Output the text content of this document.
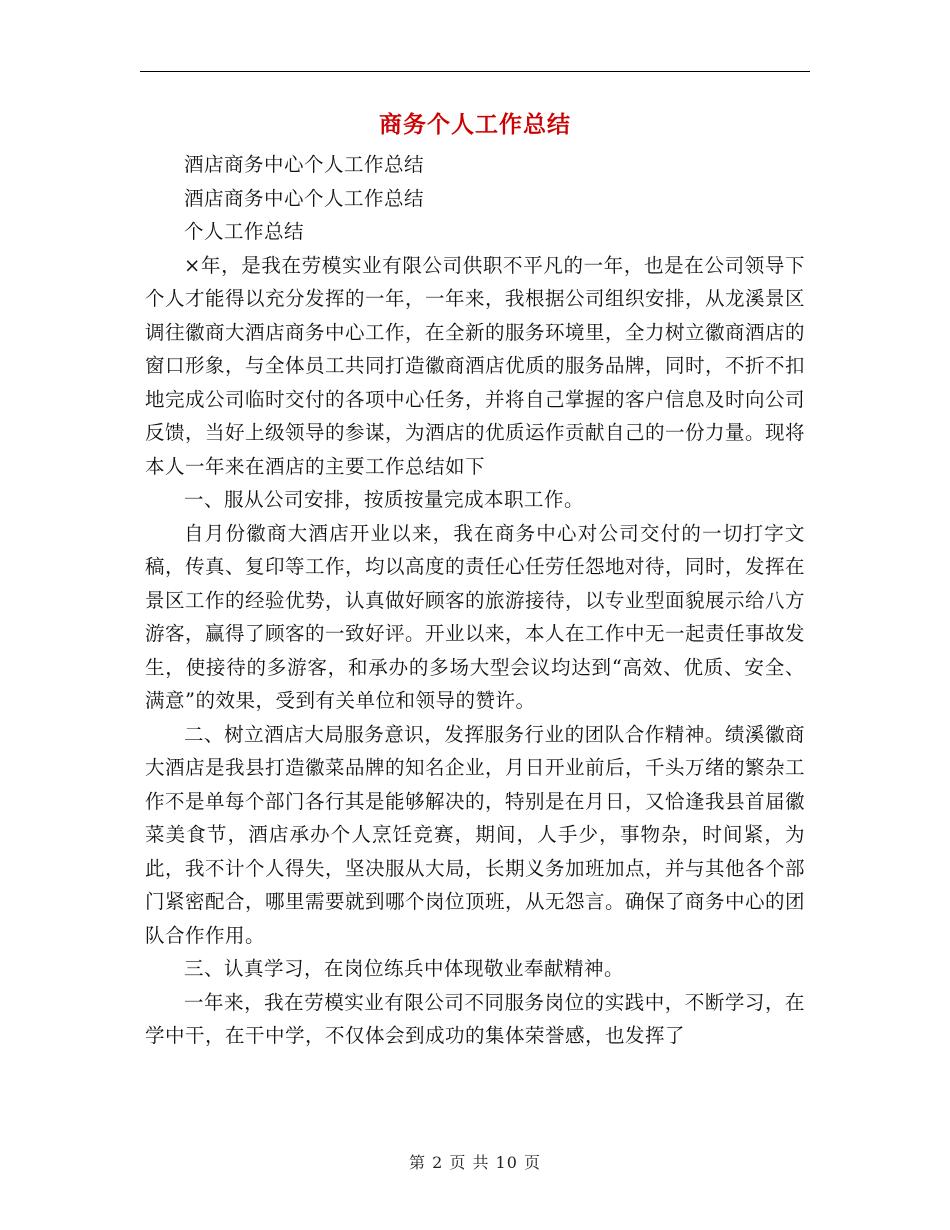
商务个人工作总结

酒店商务中心个人工作总结

酒店商务中心个人工作总结

个人工作总结

×年，是我在劳模实业有限公司供职不平凡的一年，也是在公司领导下个人才能得以充分发挥的一年，一年来，我根据公司组织安排，从龙溪景区调往徽商大酒店商务中心工作，在全新的服务环境里，全力树立徽商酒店的窗口形象，与全体员工共同打造徽商酒店优质的服务品牌，同时，不折不扣地完成公司临时交付的各项中心任务，并将自己掌握的客户信息及时向公司反馈，当好上级领导的参谋，为酒店的优质运作贡献自己的一份力量。现将本人一年来在酒店的主要工作总结如下

一、服从公司安排，按质按量完成本职工作。

自月份徽商大酒店开业以来，我在商务中心对公司交付的一切打字文稿，传真、复印等工作，均以高度的责任心任劳任怨地对待，同时，发挥在景区工作的经验优势，认真做好顾客的旅游接待，以专业型面貌展示给八方游客，赢得了顾客的一致好评。开业以来，本人在工作中无一起责任事故发生，使接待的多游客，和承办的多场大型会议均达到“高效、优质、安全、满意”的效果，受到有关单位和领导的赞许。

二、树立酒店大局服务意识，发挥服务行业的团队合作精神。绩溪徽商大酒店是我县打造徽菜品牌的知名企业，月日开业前后，千头万绪的繁杂工作不是单每个部门各行其是能够解决的，特别是在月日，又恰逢我县首届徽菜美食节，酒店承办个人烹饪竞赛，期间，人手少，事物杂，时间紧，为此，我不计个人得失，坚决服从大局，长期义务加班加点，并与其他各个部门紧密配合，哪里需要就到哪个岗位顶班，从无怨言。确保了商务中心的团队合作作用。

三、认真学习，在岗位练兵中体现敬业奉献精神。

一年来，我在劳模实业有限公司不同服务岗位的实践中，不断学习，在学中干，在干中学，不仅体会到成功的集体荣誉感，也发挥了

第 2 页 共 10 页
